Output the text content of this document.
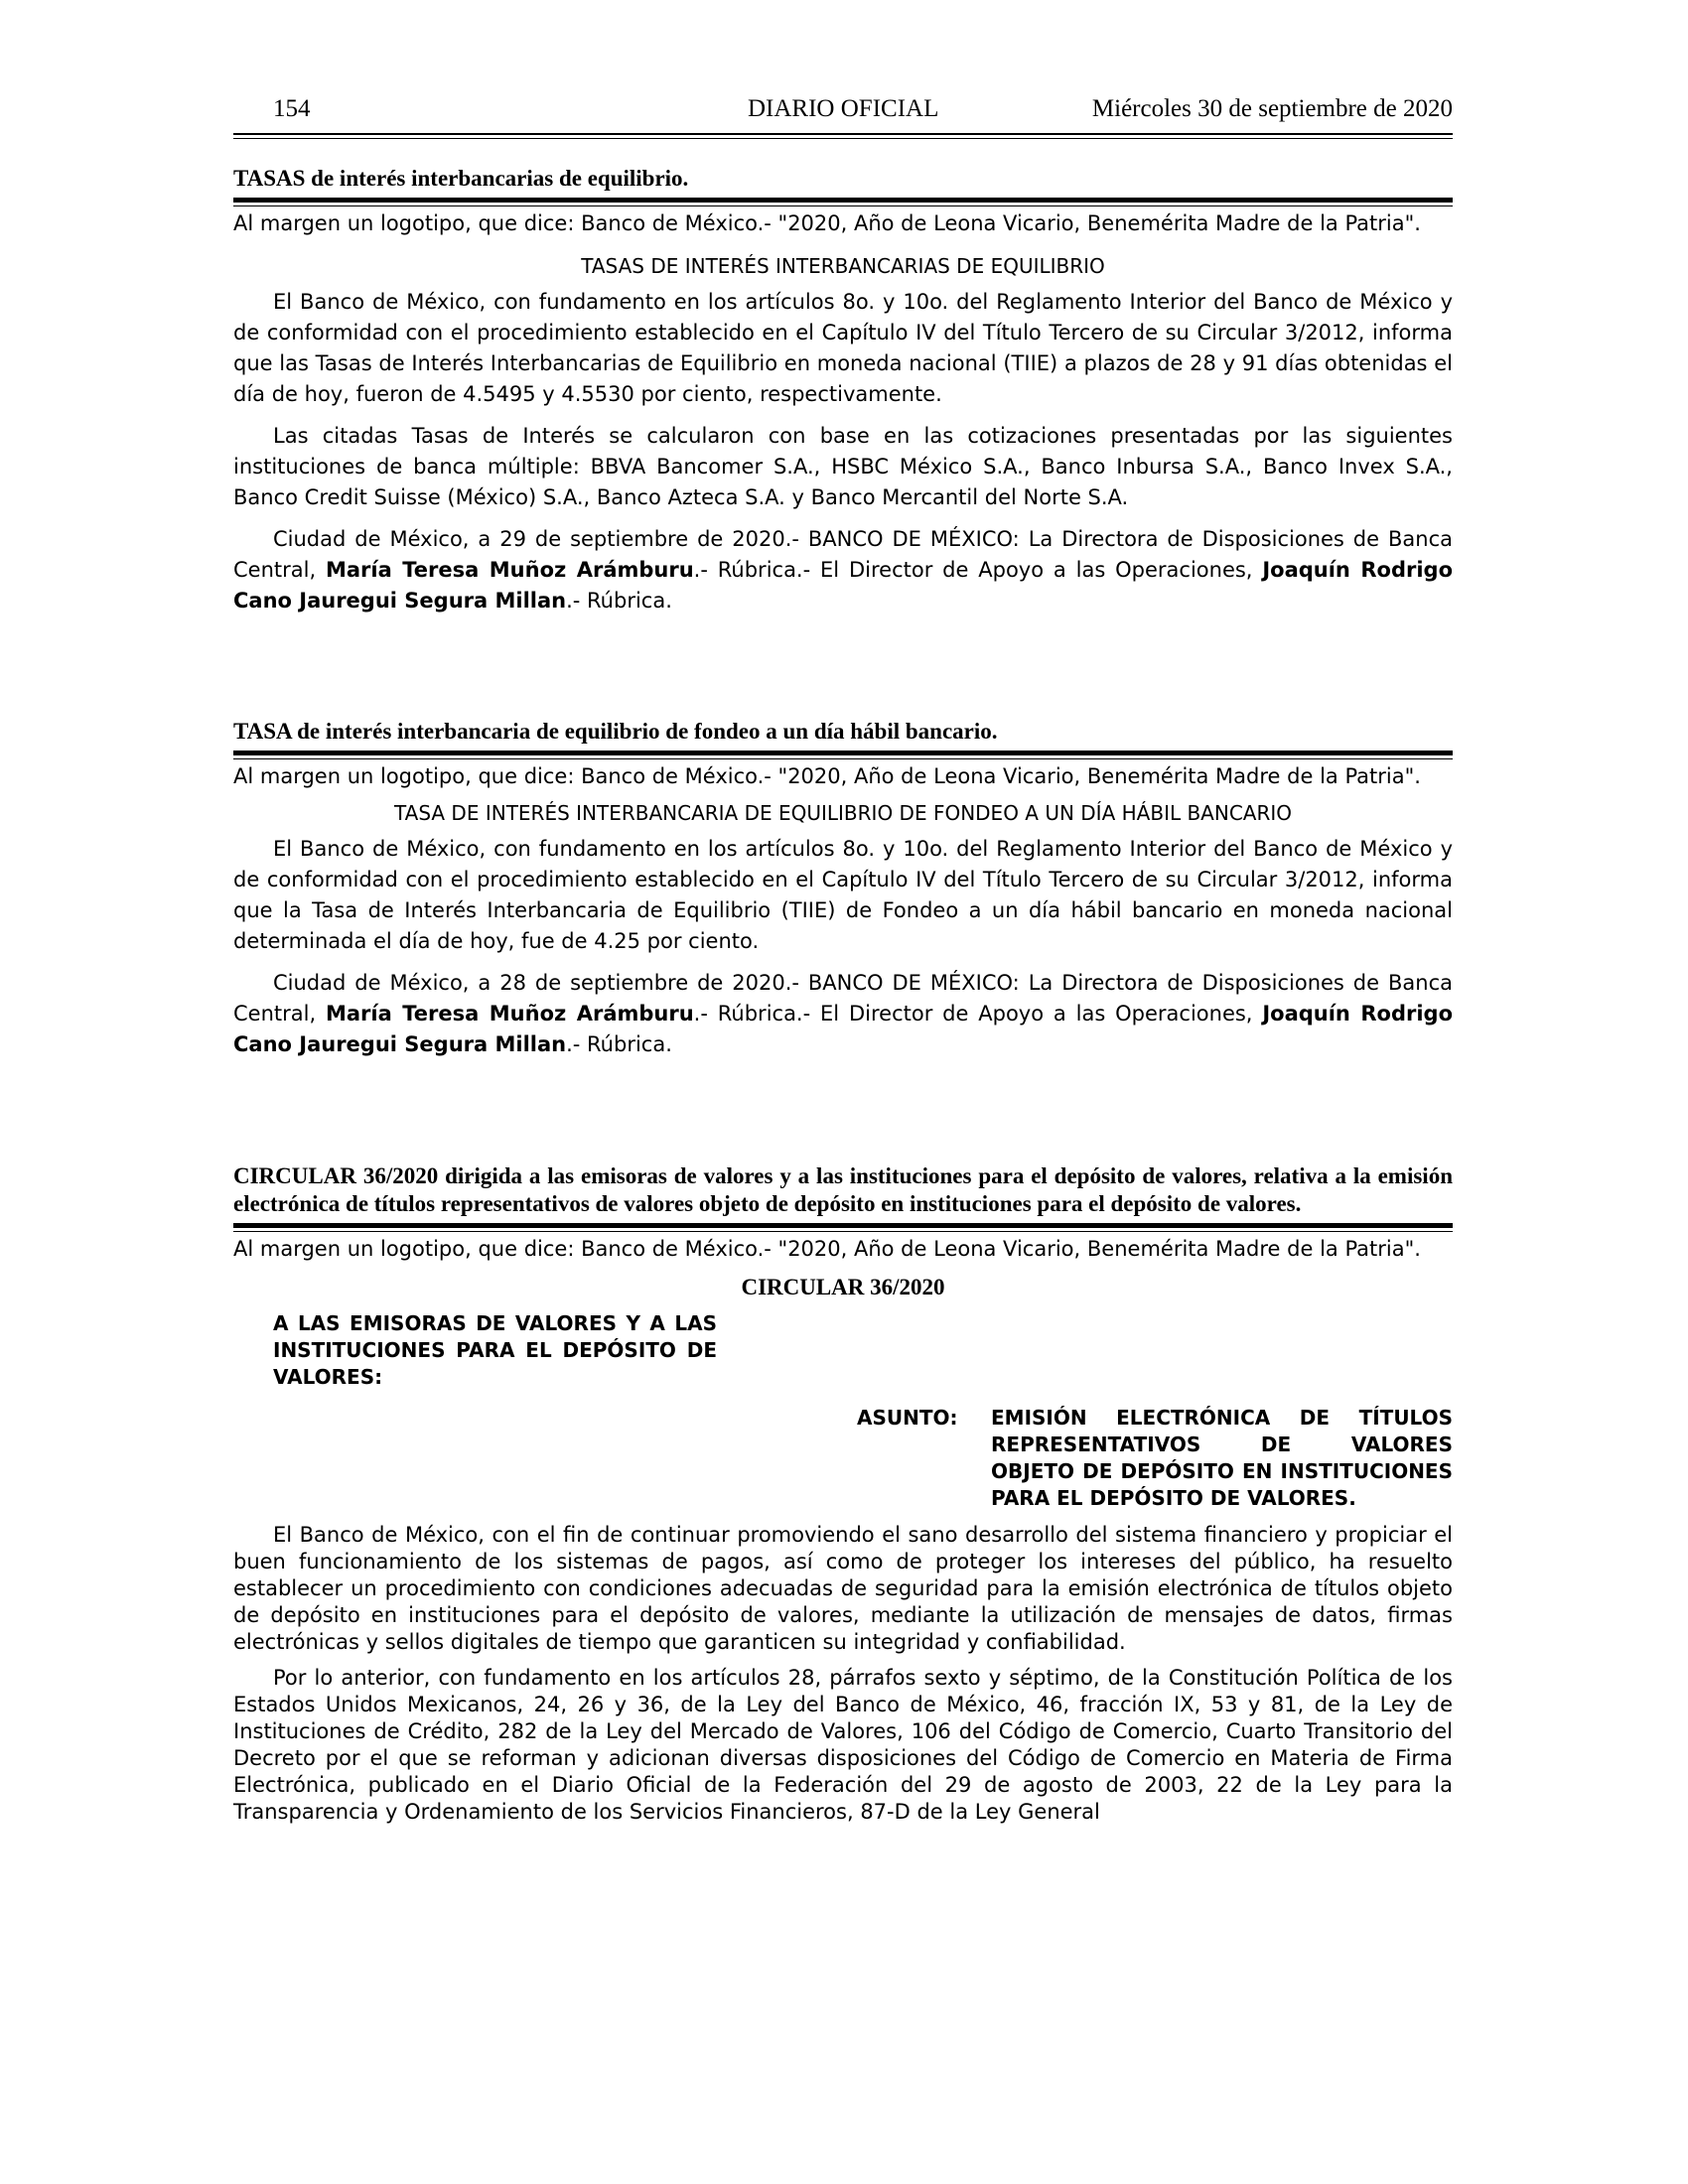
154	DIARIO OFICIAL	Miércoles 30 de septiembre de 2020
TASAS de interés interbancarias de equilibrio.

Al margen un logotipo, que dice: Banco de México.- "2020, Año de Leona Vicario, Benemérita Madre de la Patria".

TASAS DE INTERÉS INTERBANCARIAS DE EQUILIBRIO

El Banco de México, con fundamento en los artículos 8o. y 10o. del Reglamento Interior del Banco de México y de conformidad con el procedimiento establecido en el Capítulo IV del Título Tercero de su Circular 3/2012, informa que las Tasas de Interés Interbancarias de Equilibrio en moneda nacional (TIIE) a plazos de 28 y 91 días obtenidas el día de hoy, fueron de 4.5495 y 4.5530 por ciento, respectivamente.

Las citadas Tasas de Interés se calcularon con base en las cotizaciones presentadas por las siguientes instituciones de banca múltiple: BBVA Bancomer S.A., HSBC México S.A., Banco Inbursa S.A., Banco Invex S.A., Banco Credit Suisse (México) S.A., Banco Azteca S.A. y Banco Mercantil del Norte S.A.

Ciudad de México, a 29 de septiembre de 2020.- BANCO DE MÉXICO: La Directora de Disposiciones de Banca Central, María Teresa Muñoz Arámburu.- Rúbrica.- El Director de Apoyo a las Operaciones, Joaquín Rodrigo Cano Jauregui Segura Millan.- Rúbrica.

TASA de interés interbancaria de equilibrio de fondeo a un día hábil bancario.

Al margen un logotipo, que dice: Banco de México.- "2020, Año de Leona Vicario, Benemérita Madre de la Patria".

TASA DE INTERÉS INTERBANCARIA DE EQUILIBRIO DE FONDEO A UN DÍA HÁBIL BANCARIO

El Banco de México, con fundamento en los artículos 8o. y 10o. del Reglamento Interior del Banco de México y de conformidad con el procedimiento establecido en el Capítulo IV del Título Tercero de su Circular 3/2012, informa que la Tasa de Interés Interbancaria de Equilibrio (TIIE) de Fondeo a un día hábil bancario en moneda nacional determinada el día de hoy, fue de 4.25 por ciento.

Ciudad de México, a 28 de septiembre de 2020.- BANCO DE MÉXICO: La Directora de Disposiciones de Banca Central, María Teresa Muñoz Arámburu.- Rúbrica.- El Director de Apoyo a las Operaciones, Joaquín Rodrigo Cano Jauregui Segura Millan.- Rúbrica.

CIRCULAR 36/2020 dirigida a las emisoras de valores y a las instituciones para el depósito de valores, relativa a la emisión electrónica de títulos representativos de valores objeto de depósito en instituciones para el depósito de valores.

Al margen un logotipo, que dice: Banco de México.- "2020, Año de Leona Vicario, Benemérita Madre de la Patria".

CIRCULAR 36/2020
A LAS EMISORAS DE VALORES Y A LAS INSTITUCIONES PARA EL DEPÓSITO DE VALORES:
ASUNTO: EMISIÓN ELECTRÓNICA DE TÍTULOS
REPRESENTATIVOS DE VALORES
OBJETO DE DEPÓSITO EN INSTITUCIONES
PARA EL DEPÓSITO DE VALORES.

El Banco de México, con el fin de continuar promoviendo el sano desarrollo del sistema financiero y propiciar el buen funcionamiento de los sistemas de pagos, así como de proteger los intereses del público, ha resuelto establecer un procedimiento con condiciones adecuadas de seguridad para la emisión electrónica de títulos objeto de depósito en instituciones para el depósito de valores, mediante la utilización de mensajes de datos, firmas electrónicas y sellos digitales de tiempo que garanticen su integridad y confiabilidad.

Por lo anterior, con fundamento en los artículos 28, párrafos sexto y séptimo, de la Constitución Política de los Estados Unidos Mexicanos, 24, 26 y 36, de la Ley del Banco de México, 46, fracción IX, 53 y 81, de la Ley de Instituciones de Crédito, 282 de la Ley del Mercado de Valores, 106 del Código de Comercio, Cuarto Transitorio del Decreto por el que se reforman y adicionan diversas disposiciones del Código de Comercio en Materia de Firma Electrónica, publicado en el Diario Oficial de la Federación del 29 de agosto de 2003, 22 de la Ley para la Transparencia y Ordenamiento de los Servicios Financieros, 87-D de la Ley General
